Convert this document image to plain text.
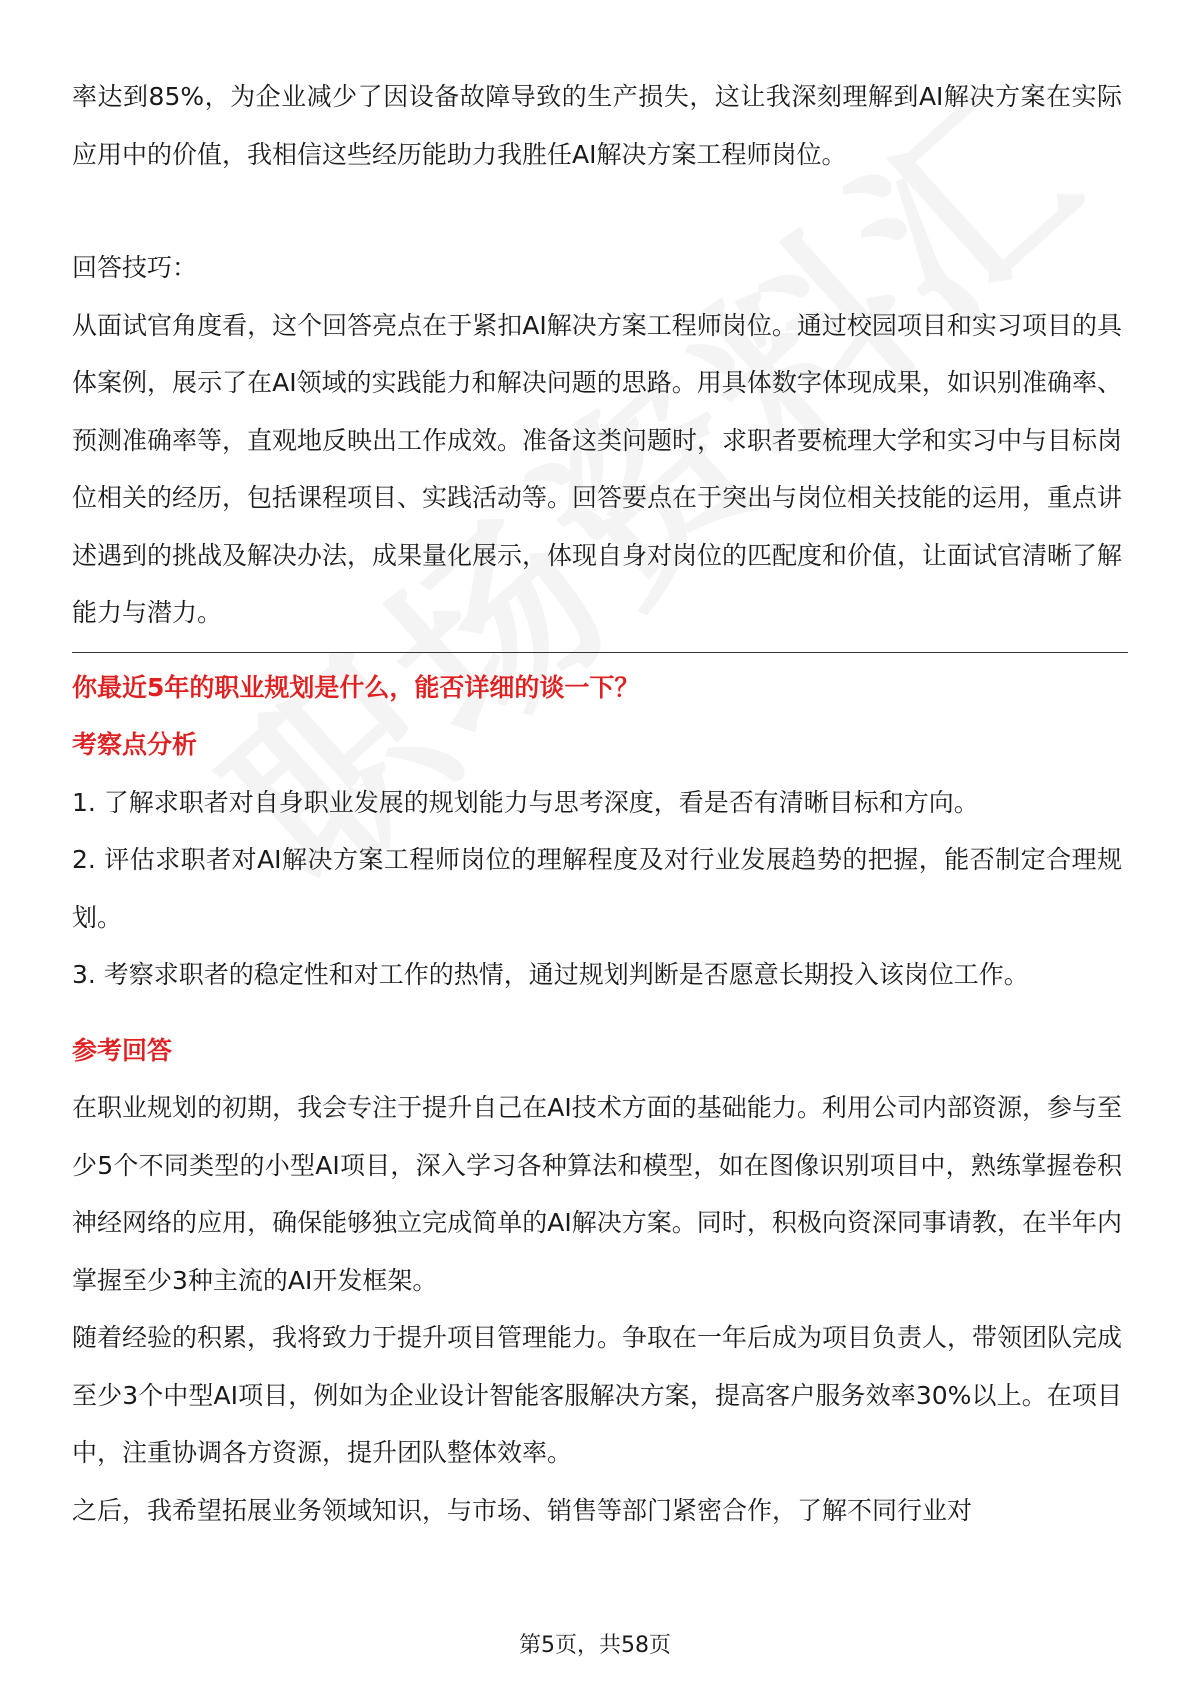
率达到85%，为企业减少了因设备故障导致的生产损失，这让我深刻理解到AI解决方案在实际应用中的价值，我相信这些经历能助力我胜任AI解决方案工程师岗位。

回答技巧：

从面试官角度看，这个回答亮点在于紧扣AI解决方案工程师岗位。通过校园项目和实习项目的具体案例，展示了在AI领域的实践能力和解决问题的思路。用具体数字体现成果，如识别准确率、预测准确率等，直观地反映出工作成效。准备这类问题时，求职者要梳理大学和实习中与目标岗位相关的经历，包括课程项目、实践活动等。回答要点在于突出与岗位相关技能的运用，重点讲述遇到的挑战及解决办法，成果量化展示，体现自身对岗位的匹配度和价值，让面试官清晰了解能力与潜力。

你最近5年的职业规划是什么，能否详细的谈一下？

考察点分析

1. 了解求职者对自身职业发展的规划能力与思考深度，看是否有清晰目标和方向。

2. 评估求职者对AI解决方案工程师岗位的理解程度及对行业发展趋势的把握，能否制定合理规划。

3. 考察求职者的稳定性和对工作的热情，通过规划判断是否愿意长期投入该岗位工作。

参考回答

在职业规划的初期，我会专注于提升自己在AI技术方面的基础能力。利用公司内部资源，参与至少5个不同类型的小型AI项目，深入学习各种算法和模型，如在图像识别项目中，熟练掌握卷积神经网络的应用，确保能够独立完成简单的AI解决方案。同时，积极向资深同事请教，在半年内掌握至少3种主流的AI开发框架。

随着经验的积累，我将致力于提升项目管理能力。争取在一年后成为项目负责人，带领团队完成至少3个中型AI项目，例如为企业设计智能客服解决方案，提高客户服务效率30%以上。在项目中，注重协调各方资源，提升团队整体效率。

之后，我希望拓展业务领域知识，与市场、销售等部门紧密合作，了解不同行业对

第5页，共58页
